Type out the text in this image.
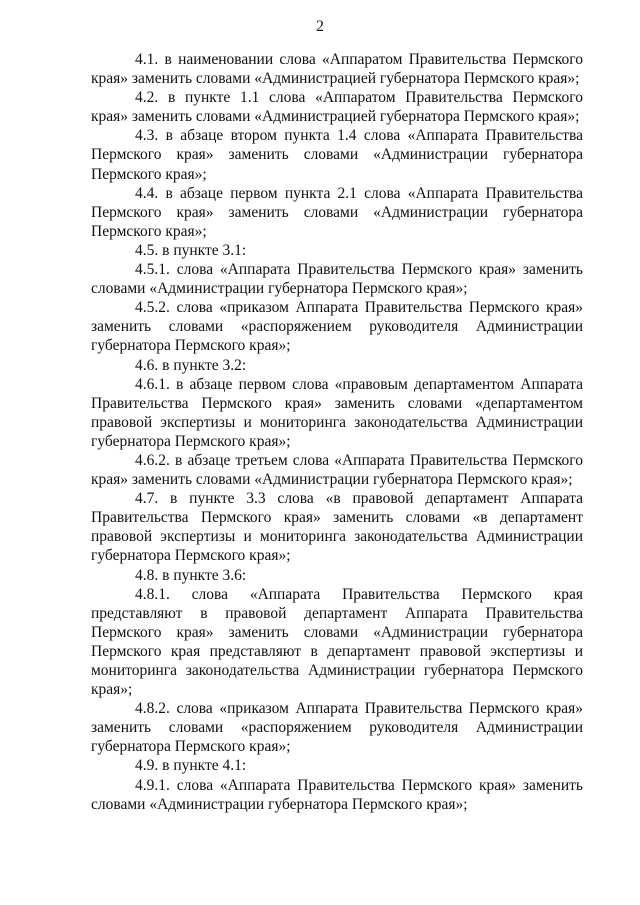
2

4.1. в наименовании слова «Аппаратом Правительства Пермского края» заменить словами «Администрацией губернатора Пермского края»;

4.2. в пункте 1.1 слова «Аппаратом Правительства Пермского края» заменить словами «Администрацией губернатора Пермского края»;

4.3. в абзаце втором пункта 1.4 слова «Аппарата Правительства Пермского края» заменить словами «Администрации губернатора Пермского края»;

4.4. в абзаце первом пункта 2.1 слова «Аппарата Правительства Пермского края» заменить словами «Администрации губернатора Пермского края»;

4.5. в пункте 3.1:

4.5.1. слова «Аппарата Правительства Пермского края» заменить словами «Администрации губернатора Пермского края»;

4.5.2. слова «приказом Аппарата Правительства Пермского края» заменить словами «распоряжением руководителя Администрации губернатора Пермского края»;

4.6. в пункте 3.2:

4.6.1. в абзаце первом слова «правовым департаментом Аппарата Правительства Пермского края» заменить словами «департаментом правовой экспертизы и мониторинга законодательства Администрации губернатора Пермского края»;

4.6.2. в абзаце третьем слова «Аппарата Правительства Пермского края» заменить словами «Администрации губернатора Пермского края»;

4.7. в пункте 3.3 слова «в правовой департамент Аппарата Правительства Пермского края» заменить словами «в департамент правовой экспертизы и мониторинга законодательства Администрации губернатора Пермского края»;

4.8. в пункте 3.6:

4.8.1. слова «Аппарата Правительства Пермского края представляют в правовой департамент Аппарата Правительства Пермского края» заменить словами «Администрации губернатора Пермского края представляют в департамент правовой экспертизы и мониторинга законодательства Администрации губернатора Пермского края»;

4.8.2. слова «приказом Аппарата Правительства Пермского края» заменить словами «распоряжением руководителя Администрации губернатора Пермского края»;

4.9. в пункте 4.1:

4.9.1. слова «Аппарата Правительства Пермского края» заменить словами «Администрации губернатора Пермского края»;
